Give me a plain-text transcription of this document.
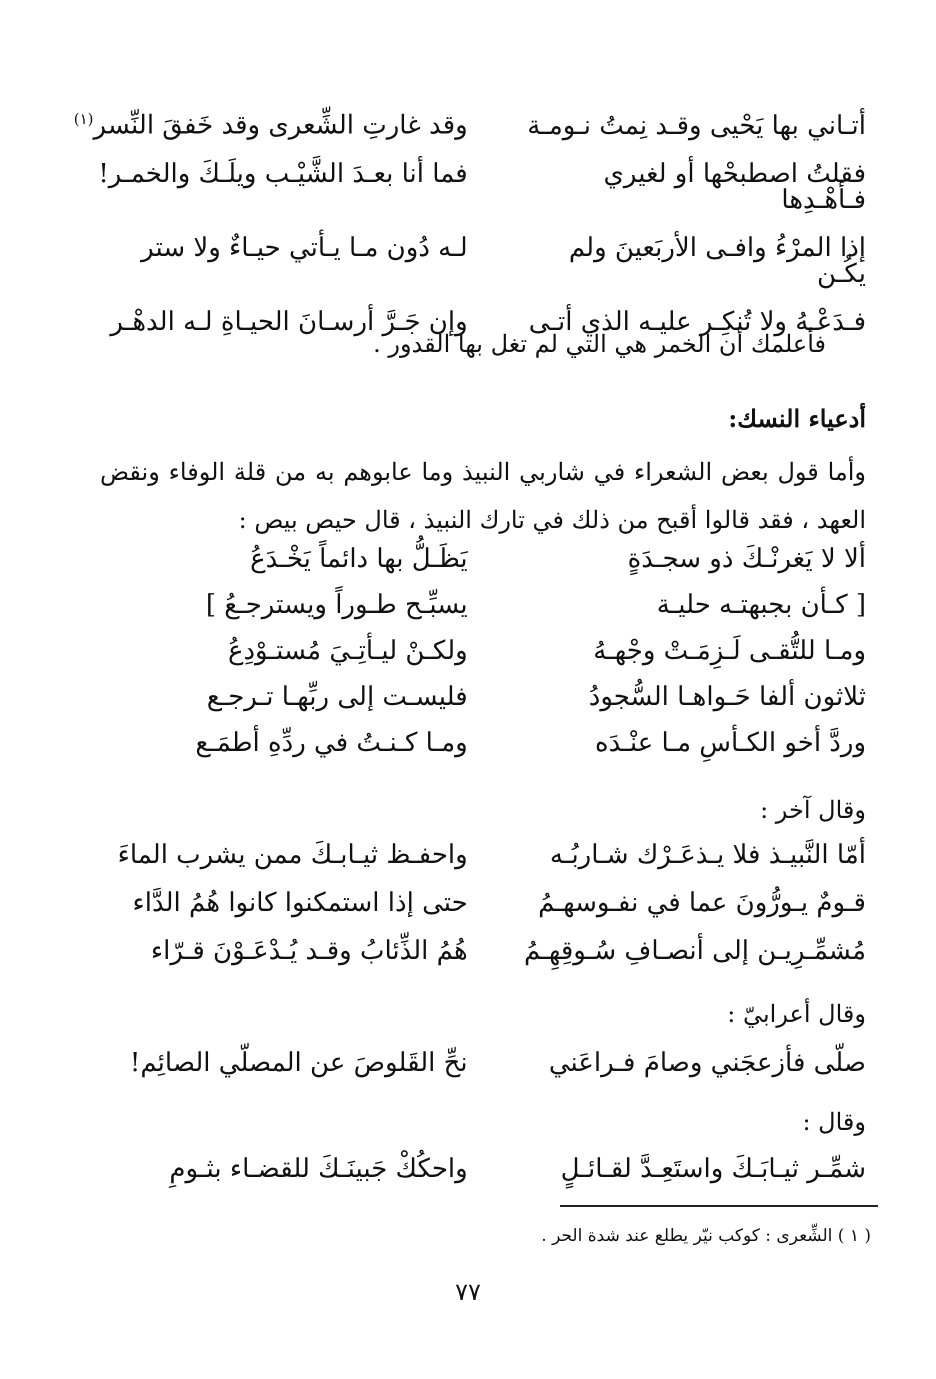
أتـاني بها يَحْيى وقـد نِمتُ نـومـة
وقد غارتِ الشِّعرى وقد خَفقَ النِّسر$^{(١)}$
فقلتُ اصطبحْها أو لغيري فـأهْـدِها
فما أنا بعـدَ الشَّيْـب ويلَـكَ والخمـر!
إذا المرْءُ وافـى الأربَعينَ ولم يكُـن
لـه دُون مـا يـأتي حيـاءٌ ولا ستر
فـدَعْـهُ ولا تُنكِـر عليـه الذي أتـى
وإن جَـرَّ أرسـانَ الحيـاةِ لـه الدهْـر
فأعلمك أن الخمر هي التي لم تغل بها القدور .
أدعياء النسك:
وأما قول بعض الشعراء في شاربي النبيذ وما عابوهم به من قلة الوفاء ونقض العهد ، فقد قالوا أقبح من ذلك في تارك النبيذ ، قال حيص بيص :
ألا لا يَغرنْـكَ ذو سجـدَةٍ
يَظَـلُّ بها دائماً يَخْـدَعُ
[ كـأن بجبهتـه حليـة
يسبِّـح طـوراً ويسترجـعُ ]
ومـا للتُّقـى لَـزِمَـتْ وجْهـهُ
ولكـنْ ليـأتِـيَ مُستـوْدِعُ
ثلاثون ألفا حَـواهـا السُّجودُ
فليسـت إلى ربِّهـا تـرجـع
وردَّ أخو الكـأسِ مـا عنْـدَه
ومـا كـنـتُ في ردِّهِ أطمَـع
وقال آخر :
أمّا النَّبيـذ فلا يـذعَـرْك شـاربُـه
واحفـظ ثيـابـكَ ممن يشرب الماءَ
قـومٌ يـورُّونَ عما في نفـوسهـمُ
حتى إذا استمكنوا كانوا هُمُ الدَّاء
مُشمِّـرِيـن إلى أنصـافِ سُـوقِهِـمُ
هُمُ الذِّئابُ وقـد يُـدْعَـوْنَ قـرّاء
وقال أعرابيّ :
صلّى فأزعجَني وصامَ فـراعَني
نحِّ القَلوصَ عن المصلّي الصائِم!
وقال :
شمِّـر ثيـابَـكَ واستَعِـدَّ لقـائـلٍ
واحكُكْ جَبينَـكَ للقضـاء بثـومِ
( ١ ) الشِّعرى : كوكب نيّر يطلع عند شدة الحر .
٧٧
